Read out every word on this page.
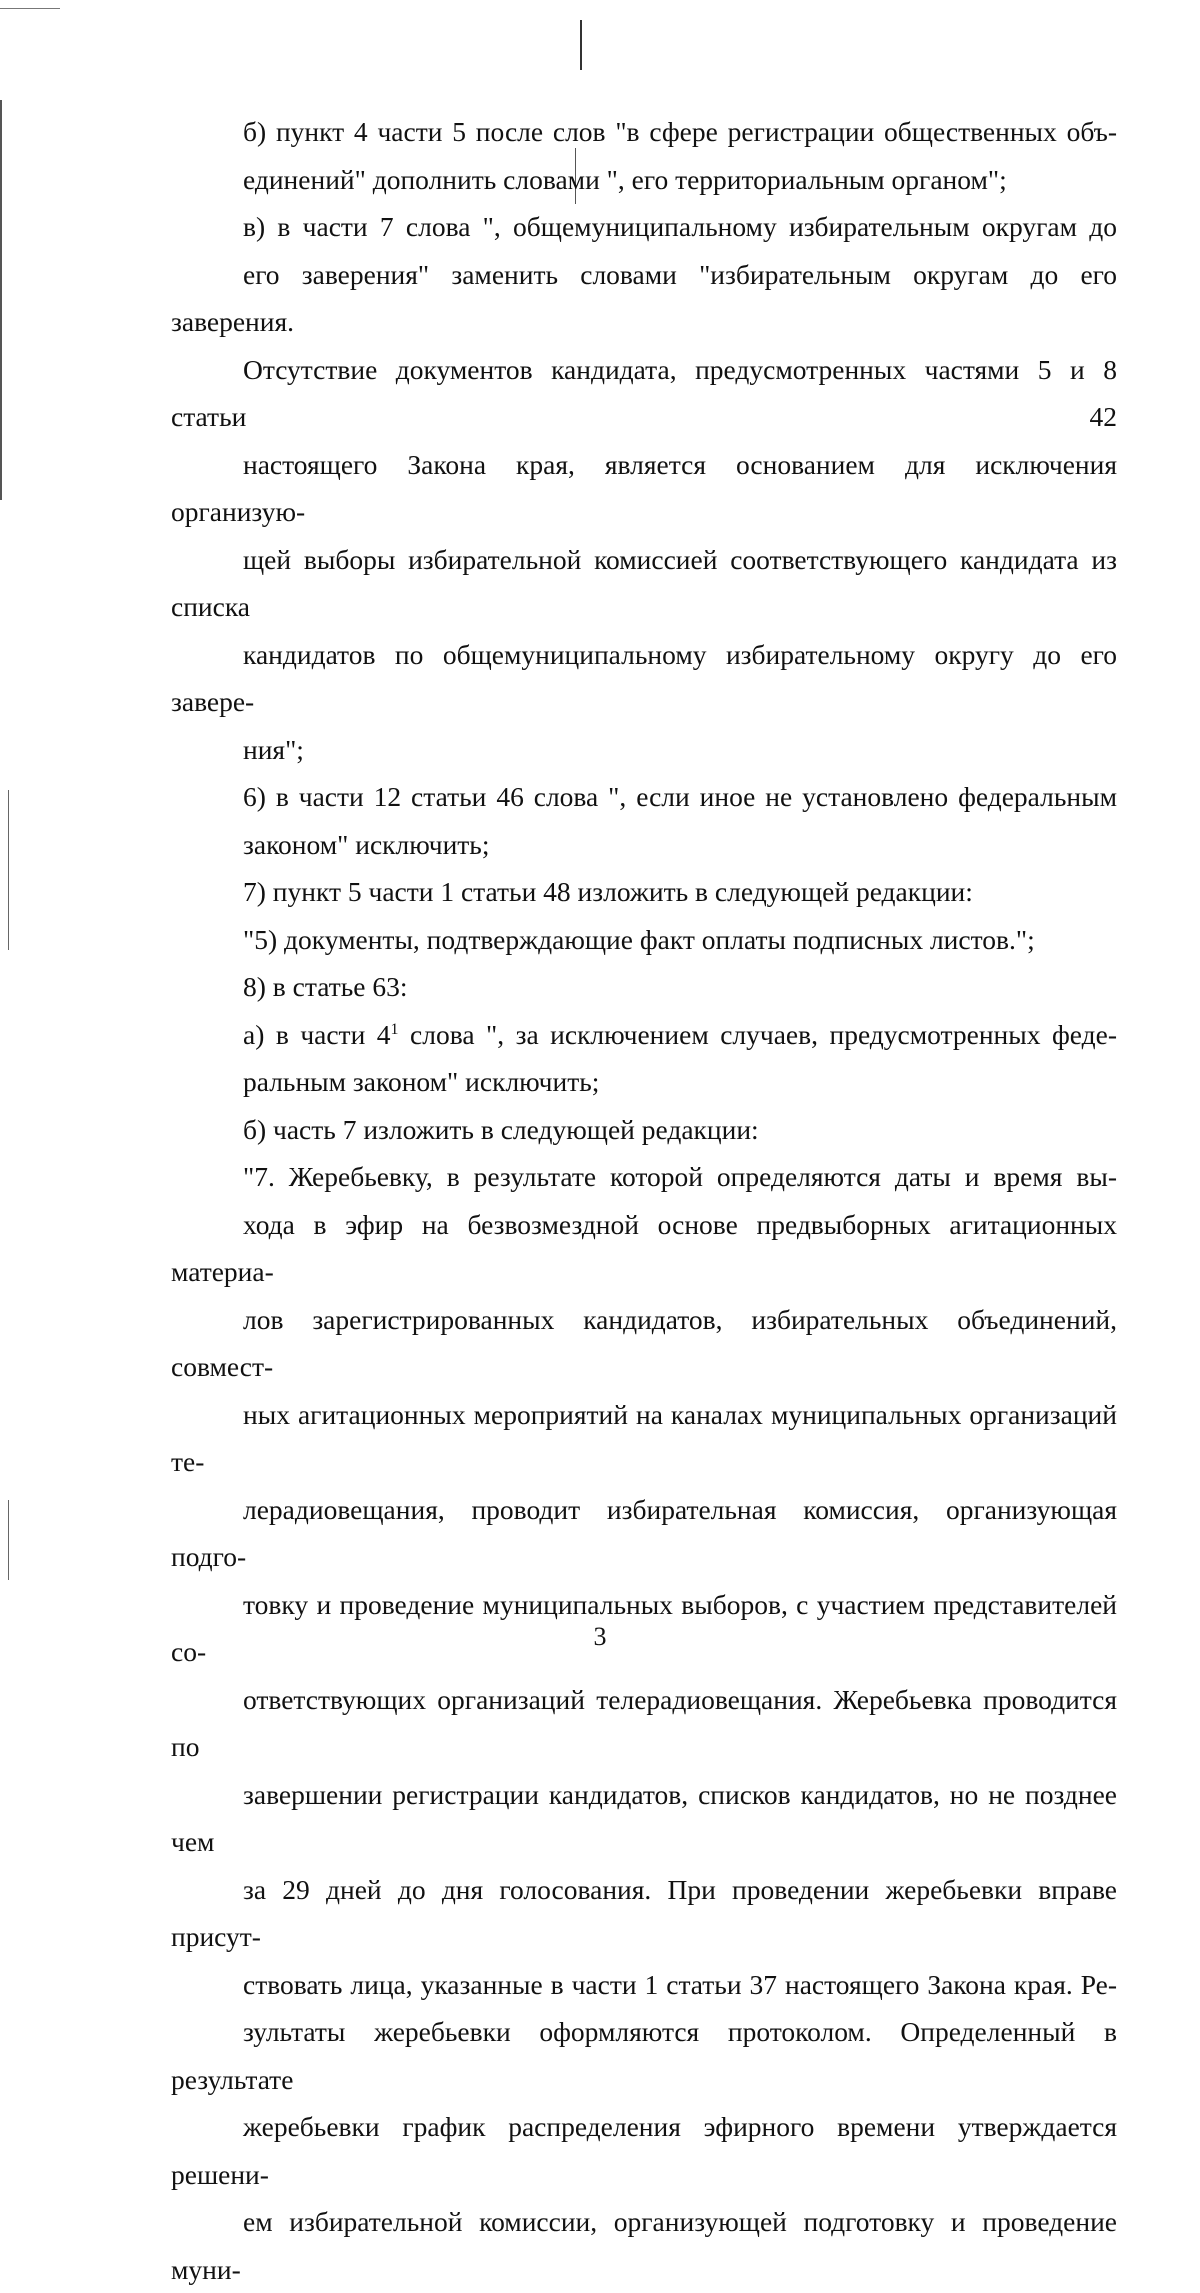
б) пункт 4 части 5 после слов "в сфере регистрации общественных объ-
единений" дополнить словами ", его территориальным органом";

в) в части 7 слова ", общемуниципальному избирательным округам до
его заверения" заменить словами "избирательным округам до его заверения.
Отсутствие документов кандидата, предусмотренных частями 5 и 8 статьи 42
настоящего Закона края, является основанием для исключения организую-
щей выборы избирательной комиссией соответствующего кандидата из списка
кандидатов по общемуниципальному избирательному округу до его завере-
ния";

6) в части 12 статьи 46 слова ", если иное не установлено федеральным
законом" исключить;

7) пункт 5 части 1 статьи 48 изложить в следующей редакции:

"5) документы, подтверждающие факт оплаты подписных листов.";

8) в статье 63:

а) в части $4^1$ слова ", за исключением случаев, предусмотренных феде-
ральным законом" исключить;

б) часть 7 изложить в следующей редакции:

"7. Жеребьевку, в результате которой определяются даты и время вы-
хода в эфир на безвозмездной основе предвыборных агитационных материа-
лов зарегистрированных кандидатов, избирательных объединений, совмест-
ных агитационных мероприятий на каналах муниципальных организаций те-
лерадиовещания, проводит избирательная комиссия, организующая подго-
товку и проведение муниципальных выборов, с участием представителей со-
ответствующих организаций телерадиовещания. Жеребьевка проводится по
завершении регистрации кандидатов, списков кандидатов, но не позднее чем
за 29 дней до дня голосования. При проведении жеребьевки вправе присут-
ствовать лица, указанные в части 1 статьи 37 настоящего Закона края. Ре-
зультаты жеребьевки оформляются протоколом. Определенный в результате
жеребьевки график распределения эфирного времени утверждается решени-
ем избирательной комиссии, организующей подготовку и проведение муни-

3
